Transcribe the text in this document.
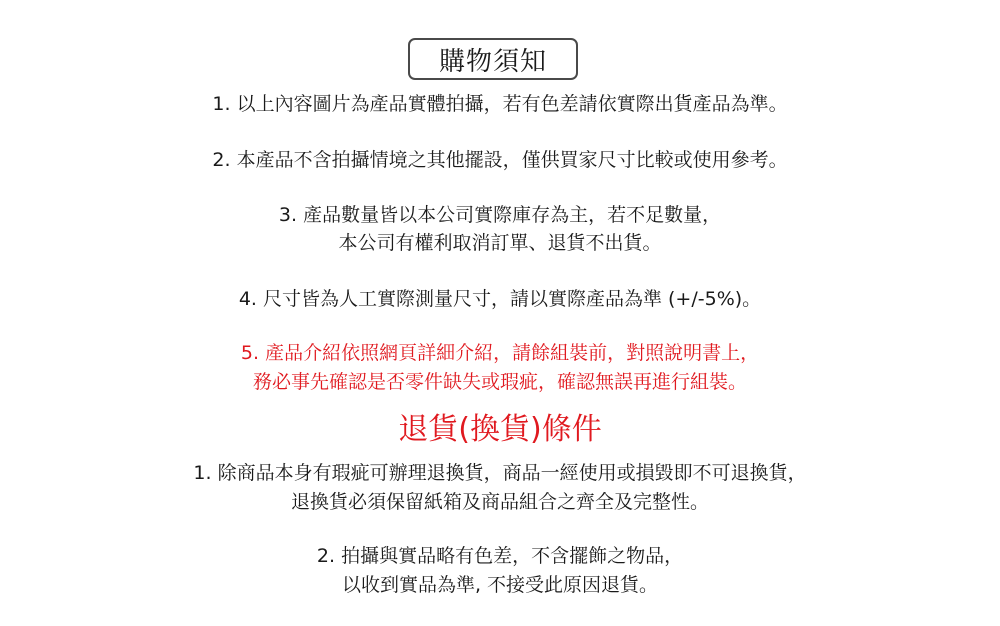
購物須知
1. 以上內容圖片為產品實體拍攝，若有色差請依實際出貨產品為準。
2. 本產品不含拍攝情境之其他擺設，僅供買家尺寸比較或使用參考。
3. 產品數量皆以本公司實際庫存為主，若不足數量，
本公司有權利取消訂單、退貨不出貨。
4. 尺寸皆為人工實際測量尺寸，請以實際產品為準 (+/-5%)。
5. 產品介紹依照網頁詳細介紹，請餘組裝前，對照說明書上，
務必事先確認是否零件缺失或瑕疵，確認無誤再進行組裝。
退貨(換貨)條件
1. 除商品本身有瑕疵可辦理退換貨，商品一經使用或損毀即不可退換貨，
退換貨必須保留紙箱及商品組合之齊全及完整性。
2. 拍攝與實品略有色差，不含擺飾之物品，
以收到實品為準, 不接受此原因退貨。
